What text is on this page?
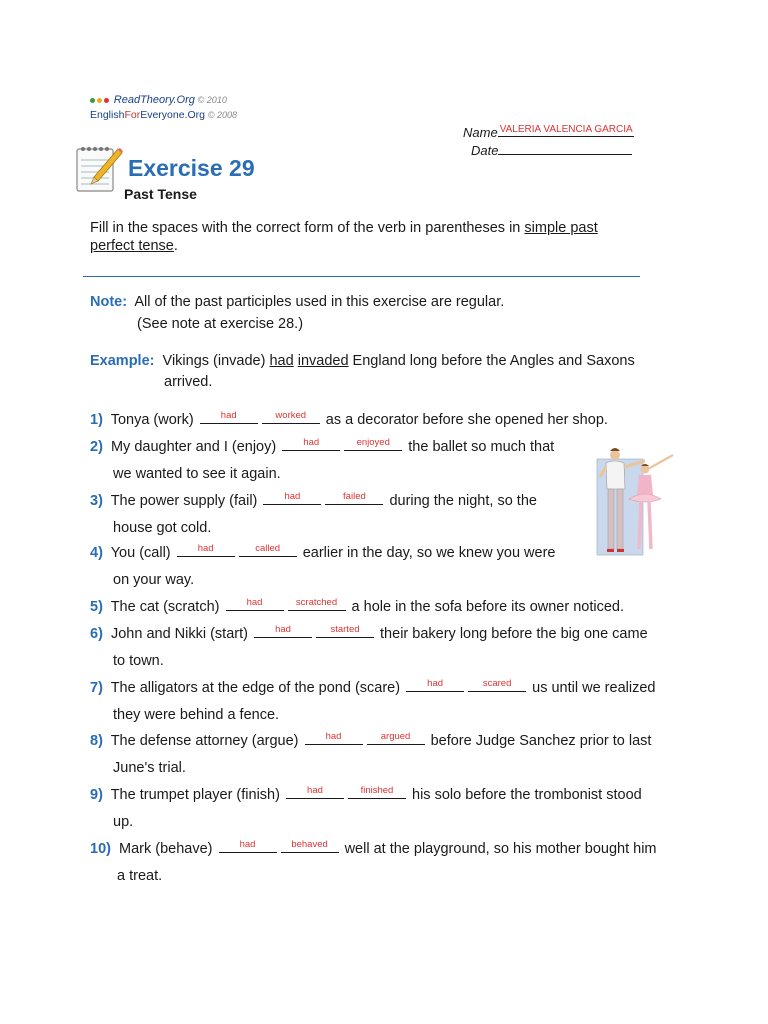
ReadTheory.Org © 2010
EnglishForEveryone.Org © 2008
Name VALERIA VALENCIA GARCIA
Date
Exercise 29
Past Tense
Fill in the spaces with the correct form of the verb in parentheses in simple past
perfect tense.
Note: All of the past participles used in this exercise are regular.
(See note at exercise 28.)
Example: Vikings (invade) had invaded England long before the Angles and Saxons
arrived.
1) Tonya (work)	had	worked	as a decorator before she opened her shop.
2) My daughter and I (enjoy)	had	enjoyed	the ballet so much that
we wanted to see it again.
3) The power supply (fail)	had	failed	during the night, so the
house got cold.
4) You (call)	had	called	earlier in the day, so we knew you were
on your way.
5) The cat (scratch)	had	scratched a hole in the sofa before its owner noticed.
6) John and Nikki (start)	had	started	their bakery long before the big one came
to town.
7) The alligators at the edge of the pond (scare)	had	scared	us until we realized
they were behind a fence.
8) The defense attorney (argue)	had	argued	before Judge Sanchez prior to last
June's trial.
9) The trumpet player (finish)	had	finished	his solo before the trombonist stood
up.
10) Mark (behave)	had	behaved	well at the playground, so his mother bought him
a treat.
